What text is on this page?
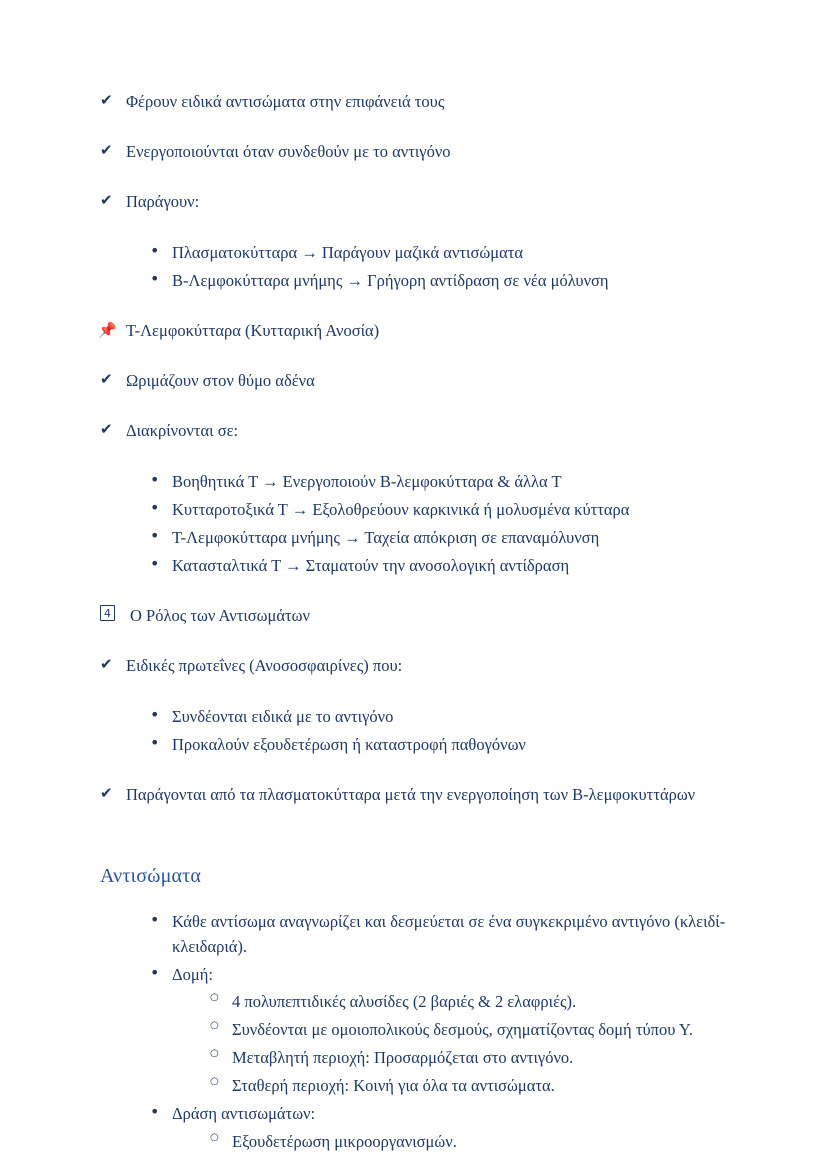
✔ Φέρουν ειδικά αντισώματα στην επιφάνειά τους
✔ Ενεργοποιούνται όταν συνδεθούν με το αντιγόνο
✔ Παράγουν:
• Πλασματοκύτταρα → Παράγουν μαζικά αντισώματα
• Β-Λεμφοκύτταρα μνήμης → Γρήγορη αντίδραση σε νέα μόλυνση
📌 Τ-Λεμφοκύτταρα (Κυτταρική Ανοσία)
✔ Ωριμάζουν στον θύμο αδένα
✔ Διακρίνονται σε:
• Βοηθητικά Τ → Ενεργοποιούν Β-λεμφοκύτταρα & άλλα Τ
• Κυτταροτοξικά Τ → Εξολοθρεύουν καρκινικά ή μολυσμένα κύτταρα
• Τ-Λεμφοκύτταρα μνήμης → Ταχεία απόκριση σε επαναμόλυνση
• Κατασταλτικά Τ → Σταματούν την ανοσολογική αντίδραση
4 Ο Ρόλος των Αντισωμάτων
✔ Ειδικές πρωτεΐνες (Ανοσοσφαιρίνες) που:
• Συνδέονται ειδικά με το αντιγόνο
• Προκαλούν εξουδετέρωση ή καταστροφή παθογόνων
✔ Παράγονται από τα πλασματοκύτταρα μετά την ενεργοποίηση των Β-λεμφοκυττάρων
Αντισώματα
• Κάθε αντίσωμα αναγνωρίζει και δεσμεύεται σε ένα συγκεκριμένο αντιγόνο (κλειδί-κλειδαριά).
• Δομή:
○ 4 πολυπεπτιδικές αλυσίδες (2 βαριές & 2 ελαφριές).
○ Συνδέονται με ομοιοπολικούς δεσμούς, σχηματίζοντας δομή τύπου Υ.
○ Μεταβλητή περιοχή: Προσαρμόζεται στο αντιγόνο.
○ Σταθερή περιοχή: Κοινή για όλα τα αντισώματα.
• Δράση αντισωμάτων:
○ Εξουδετέρωση μικροοργανισμών.
